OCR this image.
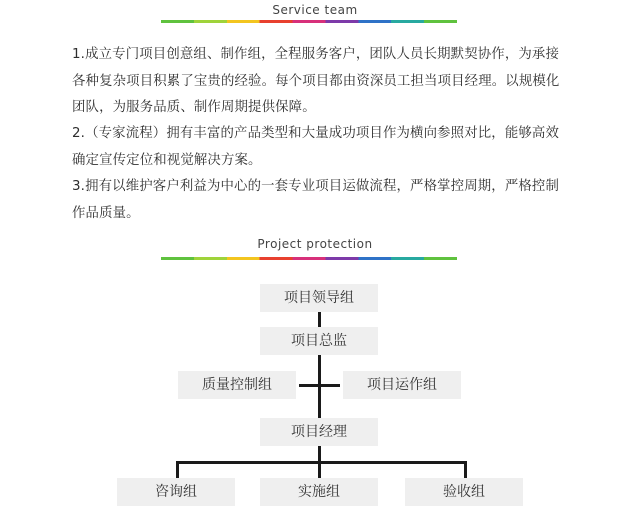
Service team

1.成立专门项目创意组、制作组，全程服务客户，团队人员长期默契协作，为承接各种复杂项目积累了宝贵的经验。每个项目都由资深员工担当项目经理。以规模化团队，为服务品质、制作周期提供保障。

2.（专家流程）拥有丰富的产品类型和大量成功项目作为横向参照对比，能够高效确定宣传定位和视觉解决方案。

3.拥有以维护客户利益为中心的一套专业项目运做流程，严格掌控周期，严格控制作品质量。

Project protection
项目领导组
项目总监
质量控制组	项目运作组
项目经理
咨询组	实施组	验收组
